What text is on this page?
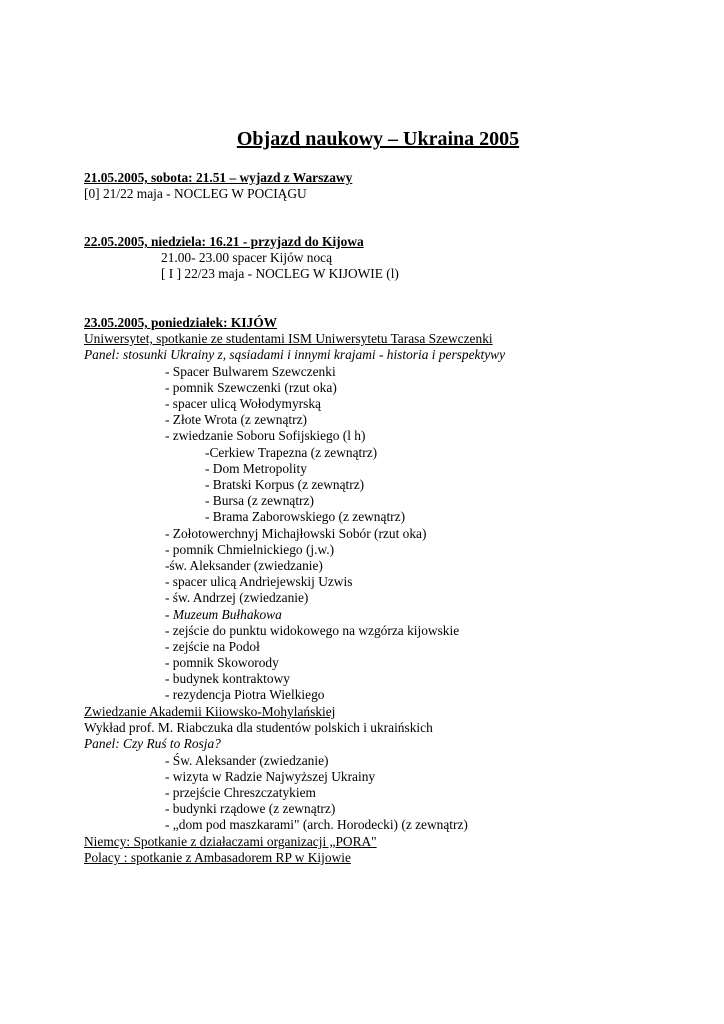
Objazd naukowy – Ukraina 2005
21.05.2005, sobota: 21.51 – wyjazd z Warszawy
[0] 21/22 maja - NOCLEG W POCIĄGU
22.05.2005, niedziela: 16.21 - przyjazd do Kijowa
21.00- 23.00 spacer Kijów nocą
[ I ] 22/23 maja - NOCLEG W KIJOWIE (l)
23.05.2005, poniedziałek: KIJÓW
Uniwersytet, spotkanie ze studentami ISM Uniwersytetu Tarasa Szewczenki
Panel: stosunki Ukrainy z, sąsiadami i innymi krajami - historia i perspektywy
- Spacer Bulwarem Szewczenki
- pomnik Szewczenki (rzut oka)
- spacer ulicą Wołodymyrską
- Złote Wrota (z zewnątrz)
- zwiedzanie Soboru Sofijskiego (l h)
-Cerkiew Trapezna (z zewnątrz)
- Dom Metropolity
- Bratski Korpus (z zewnątrz)
- Bursa (z zewnątrz)
- Brama Zaborowskiego (z zewnątrz)
- Zołotowerchnyj Michajłowski Sobór (rzut oka)
- pomnik Chmielnickiego (j.w.)
-św. Aleksander (zwiedzanie)
- spacer ulicą Andriejewskij Uzwis
- św. Andrzej (zwiedzanie)
- Muzeum Bułhakowa
- zejście do punktu widokowego na wzgórza kijowskie
- zejście na Podoł
- pomnik Skoworody
- budynek kontraktowy
- rezydencja Piotra Wielkiego
Zwiedzanie Akademii Kiiowsko-Mohylańskiej
Wykład prof. M. Riabczuka dla studentów polskich i ukraińskich
Panel: Czy Ruś to Rosja?
- Św. Aleksander (zwiedzanie)
- wizyta w Radzie Najwyższej Ukrainy
- przejście Chreszczatykiem
- budynki rządowe (z zewnątrz)
- „dom pod maszkarami" (arch. Horodecki) (z zewnątrz)
Niemcy: Spotkanie z działaczami organizacji „PORA"
Polacy : spotkanie z Ambasadorem RP w Kijowie
